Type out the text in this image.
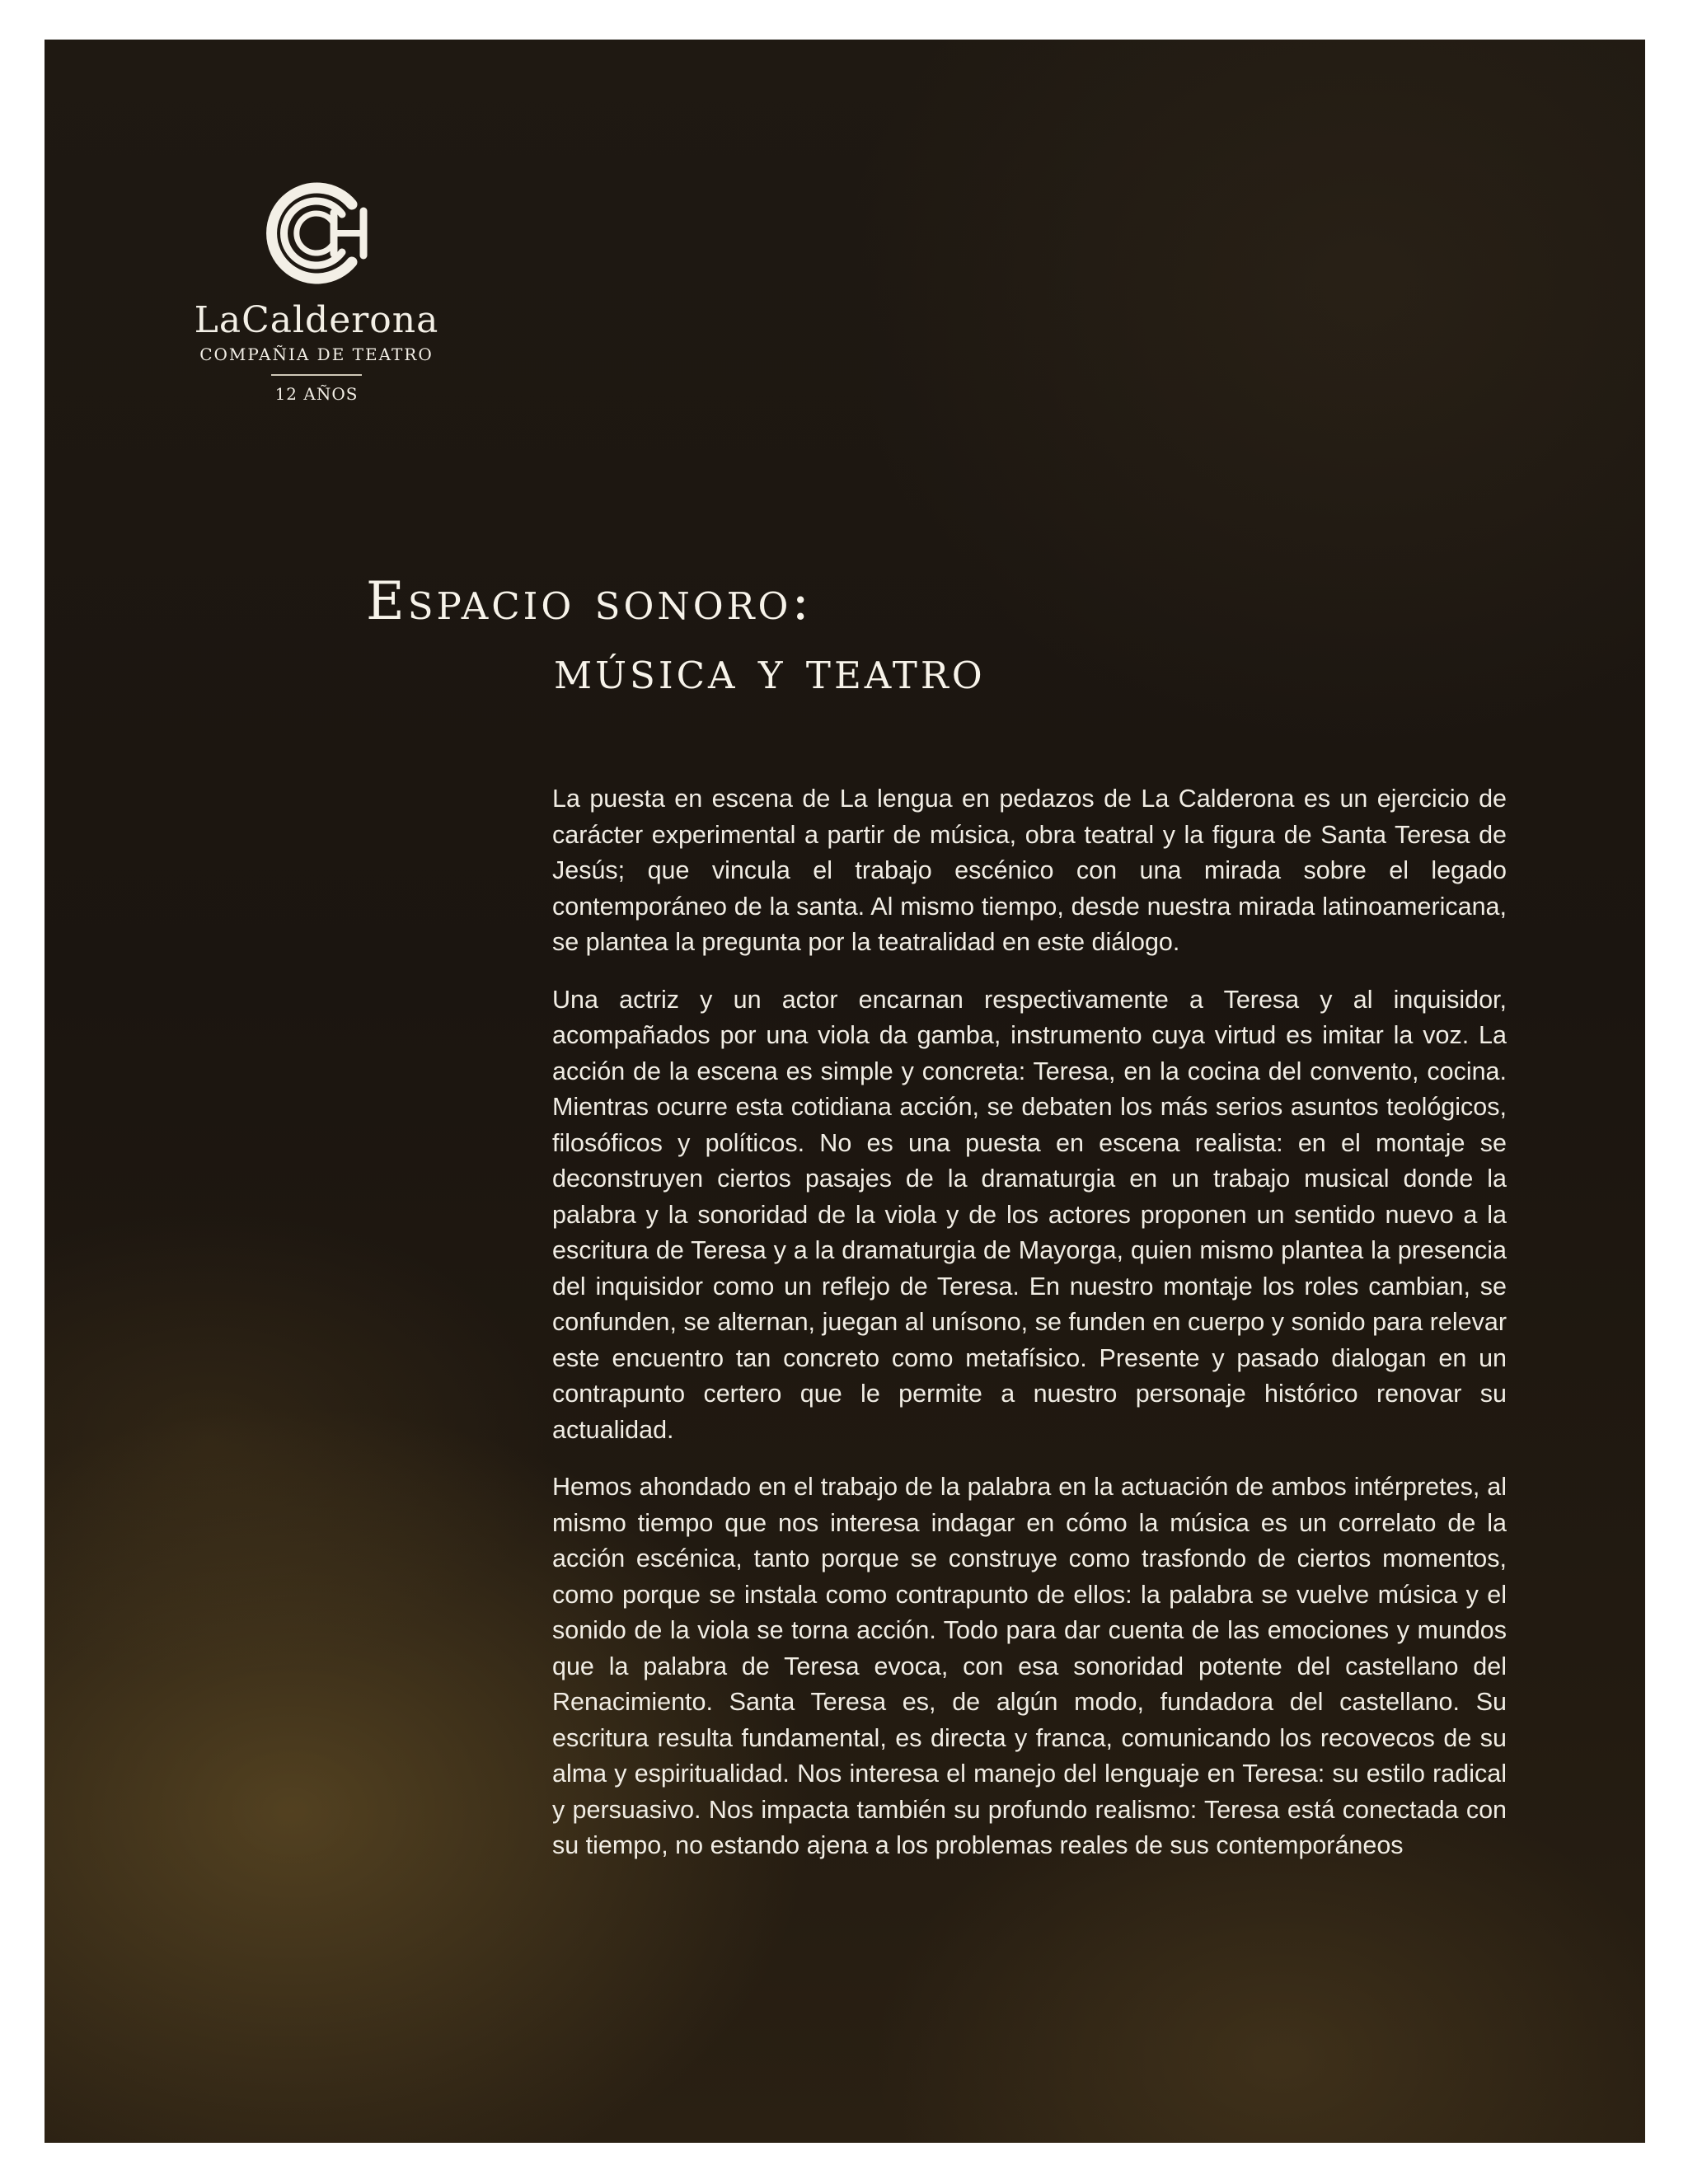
LaCalderona
COMPAÑIA DE TEATRO
12 AÑOS
Espacio sonoro:
música y teatro

La puesta en escena de La lengua en pedazos de La Calderona es un ejercicio de carácter experimental a partir de música, obra teatral y la figura de Santa Teresa de Jesús; que vincula el trabajo escénico con una mirada sobre el legado contemporáneo de la santa. Al mismo tiempo, desde nuestra mirada latinoamericana, se plantea la pregunta por la teatralidad en este diálogo.

Una actriz y un actor encarnan respectivamente a Teresa y al inquisidor, acompañados por una viola da gamba, instrumento cuya virtud es imitar la voz. La acción de la escena es simple y concreta: Teresa, en la cocina del convento, cocina. Mientras ocurre esta cotidiana acción, se debaten los más serios asuntos teológicos, filosóficos y políticos. No es una puesta en escena realista: en el montaje se deconstruyen ciertos pasajes de la dramaturgia en un trabajo musical donde la palabra y la sonoridad de la viola y de los actores proponen un sentido nuevo a la escritura de Teresa y a la dramaturgia de Mayorga, quien mismo plantea la presencia del inquisidor como un reflejo de Teresa. En nuestro montaje los roles cambian, se confunden, se alternan, juegan al unísono, se funden en cuerpo y sonido para relevar este encuentro tan concreto como metafísico. Presente y pasado dialogan en un contrapunto certero que le permite a nuestro personaje histórico renovar su actualidad.

Hemos ahondado en el trabajo de la palabra en la actuación de ambos intérpretes, al mismo tiempo que nos interesa indagar en cómo la música es un correlato de la acción escénica, tanto porque se construye como trasfondo de ciertos momentos, como porque se instala como contrapunto de ellos: la palabra se vuelve música y el sonido de la viola se torna acción. Todo para dar cuenta de las emociones y mundos que la palabra de Teresa evoca, con esa sonoridad potente del castellano del Renacimiento. Santa Teresa es, de algún modo, fundadora del castellano. Su escritura resulta fundamental, es directa y franca, comunicando los recovecos de su alma y espiritualidad. Nos interesa el manejo del lenguaje en Teresa: su estilo radical y persuasivo. Nos impacta también su profundo realismo: Teresa está conectada con su tiempo, no estando ajena a los problemas reales de sus contemporáneos
